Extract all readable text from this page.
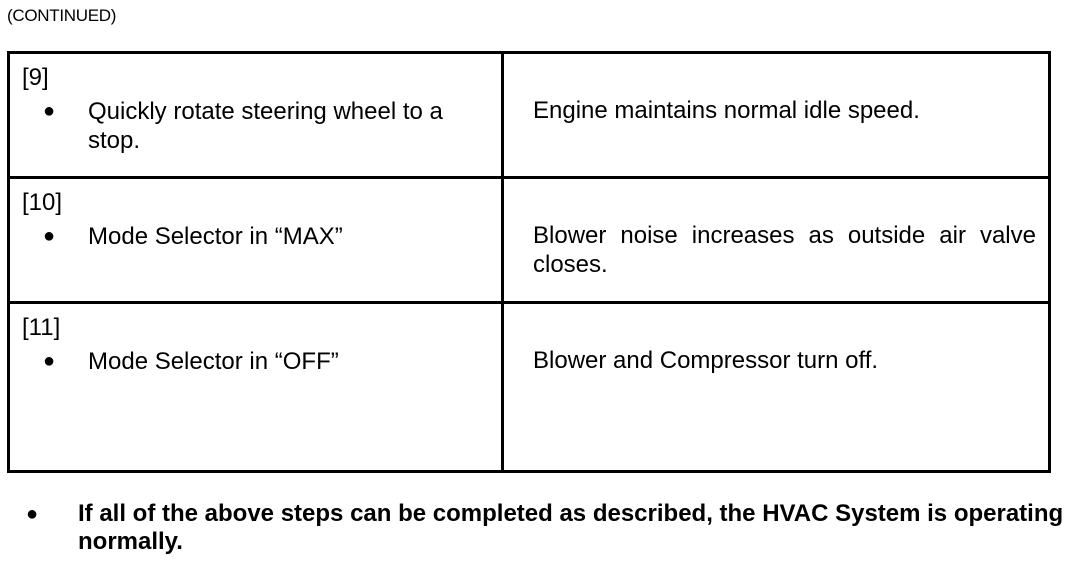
(CONTINUED)
[9]
● Quickly rotate steering wheel to a stop.	Engine maintains normal idle speed.

[10]
● Mode Selector in “MAX”	Blower noise increases as outside air valve closes.

[11]
● Mode Selector in “OFF”	Blower and Compressor turn off.
●	If all of the above steps can be completed as described, the HVAC System is operating normally.
